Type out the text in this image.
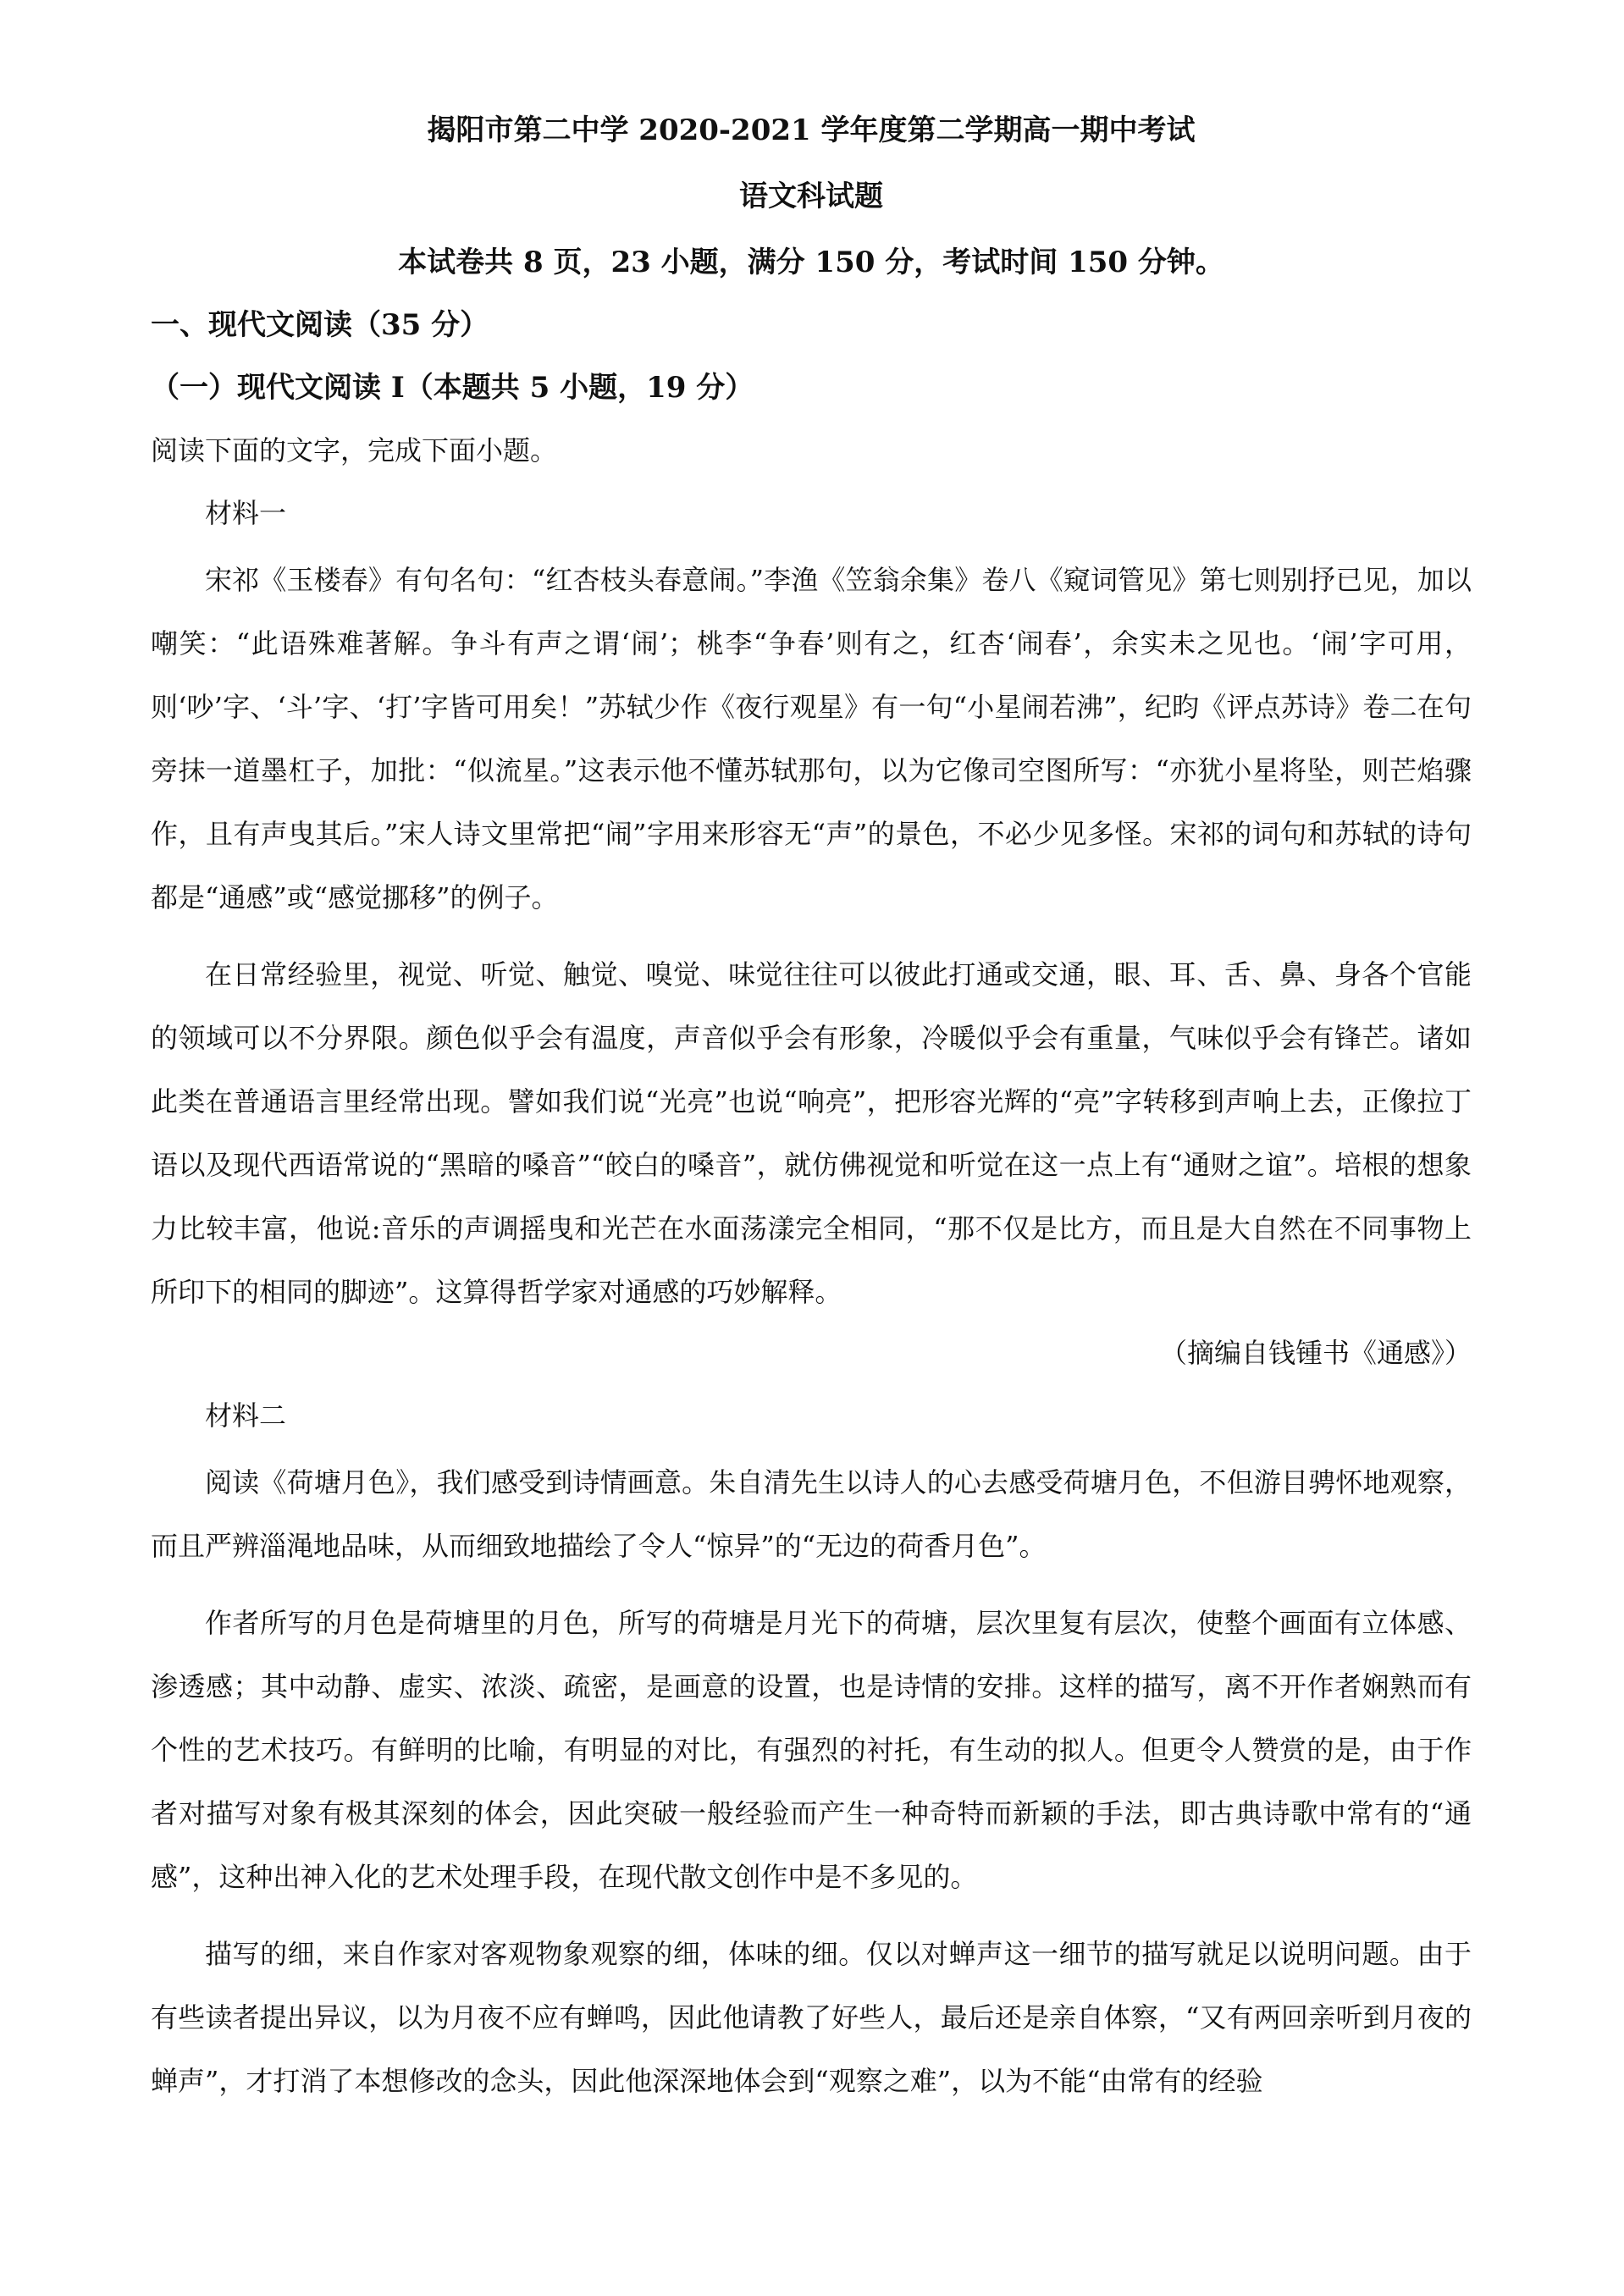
揭阳市第二中学 2020-2021 学年度第二学期高一期中考试

语文科试题

本试卷共 8 页，23 小题，满分 150 分，考试时间 150 分钟。

一、现代文阅读（35 分）

（一）现代文阅读 I（本题共 5 小题，19 分）

阅读下面的文字，完成下面小题。

材料一

宋祁《玉楼春》有句名句：“红杏枝头春意闹。”李渔《笠翁余集》卷八《窥词管见》第七则别抒已见，加以嘲笑：“此语殊难著解。争斗有声之谓‘闹’；桃李“争春’则有之，红杏‘闹春’，余实未之见也。‘闹’字可用，则‘吵’字、‘斗’字、‘打’字皆可用矣！”苏轼少作《夜行观星》有一句“小星闹若沸”，纪昀《评点苏诗》卷二在句旁抹一道墨杠子，加批：“似流星。”这表示他不懂苏轼那句，以为它像司空图所写：“亦犹小星将坠，则芒焰骤作，且有声曳其后。”宋人诗文里常把“闹”字用来形容无“声”的景色，不必少见多怪。宋祁的词句和苏轼的诗句都是“通感”或“感觉挪移”的例子。

在日常经验里，视觉、听觉、触觉、嗅觉、味觉往往可以彼此打通或交通，眼、耳、舌、鼻、身各个官能的领域可以不分界限。颜色似乎会有温度，声音似乎会有形象，冷暖似乎会有重量，气味似乎会有锋芒。诸如此类在普通语言里经常出现。譬如我们说“光亮”也说“响亮”，把形容光辉的“亮”字转移到声响上去，正像拉丁语以及现代西语常说的“黑暗的嗓音”“皎白的嗓音”，就仿佛视觉和听觉在这一点上有“通财之谊”。培根的想象力比较丰富，他说:音乐的声调摇曳和光芒在水面荡漾完全相同，“那不仅是比方，而且是大自然在不同事物上所印下的相同的脚迹”。这算得哲学家对通感的巧妙解释。

（摘编自钱锺书《通感》）

材料二

阅读《荷塘月色》，我们感受到诗情画意。朱自清先生以诗人的心去感受荷塘月色，不但游目骋怀地观察，而且严辨淄渑地品味，从而细致地描绘了令人“惊异”的“无边的荷香月色”。

作者所写的月色是荷塘里的月色，所写的荷塘是月光下的荷塘，层次里复有层次，使整个画面有立体感、渗透感；其中动静、虚实、浓淡、疏密，是画意的设置，也是诗情的安排。这样的描写，离不开作者娴熟而有个性的艺术技巧。有鲜明的比喻，有明显的对比，有强烈的衬托，有生动的拟人。但更令人赞赏的是，由于作者对描写对象有极其深刻的体会，因此突破一般经验而产生一种奇特而新颖的手法，即古典诗歌中常有的“通感”，这种出神入化的艺术处理手段，在现代散文创作中是不多见的。

描写的细，来自作家对客观物象观察的细，体味的细。仅以对蝉声这一细节的描写就足以说明问题。由于有些读者提出异议，以为月夜不应有蝉鸣，因此他请教了好些人，最后还是亲自体察，“又有两回亲听到月夜的蝉声”，才打消了本想修改的念头，因此他深深地体会到“观察之难”，以为不能“由常有的经验
